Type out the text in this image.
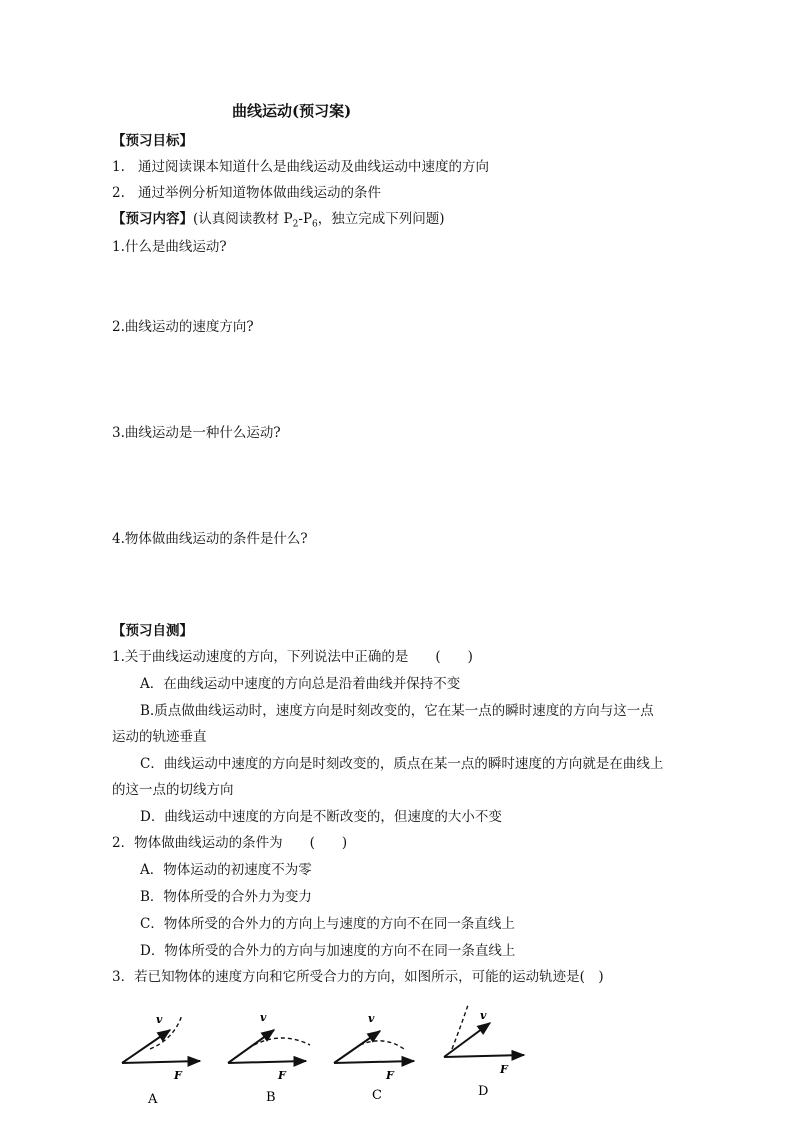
曲线运动(预习案)
【预习目标】
1. 通过阅读课本知道什么是曲线运动及曲线运动中速度的方向
2. 通过举例分析知道物体做曲线运动的条件
【预习内容】(认真阅读教材 $P_2-P_6$，独立完成下列问题)
1.什么是曲线运动?
2.曲线运动的速度方向?
3.曲线运动是一种什么运动?
4.物体做曲线运动的条件是什么?
【预习自测】
1.关于曲线运动速度的方向，下列说法中正确的是　　(　　)
A．在曲线运动中速度的方向总是沿着曲线并保持不变
B.质点做曲线运动时，速度方向是时刻改变的，它在某一点的瞬时速度的方向与这一点
运动的轨迹垂直
C．曲线运动中速度的方向是时刻改变的，质点在某一点的瞬时速度的方向就是在曲线上
的这一点的切线方向
D．曲线运动中速度的方向是不断改变的，但速度的大小不变
2．物体做曲线运动的条件为　　(　　)
A．物体运动的初速度不为零
B．物体所受的合外力为变力
C．物体所受的合外力的方向上与速度的方向不在同一条直线上
D．物体所受的合外力的方向与加速度的方向不在同一条直线上
3．若已知物体的速度方向和它所受合力的方向，如图所示，可能的运动轨迹是(　)
v
F
A
v
F
B
v
F
C
v
F
D
